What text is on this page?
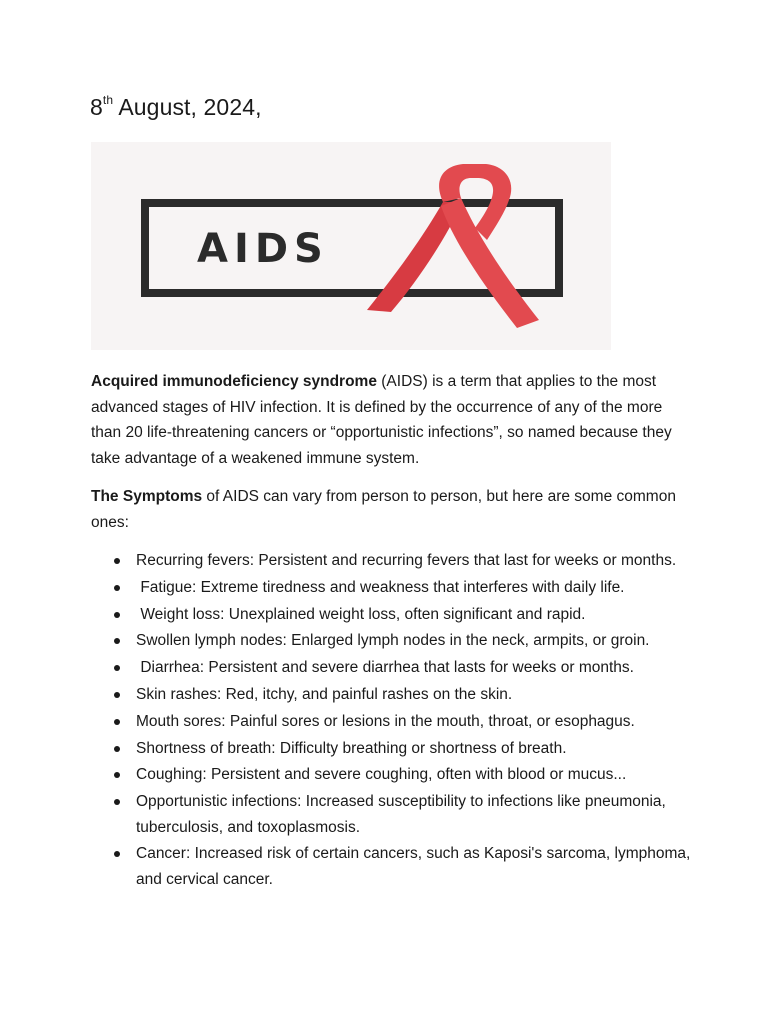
8th August, 2024,
AIDS

Acquired immunodeficiency syndrome (AIDS) is a term that applies to the most advanced stages of HIV infection. It is defined by the occurrence of any of the more than 20 life-threatening cancers or “opportunistic infections”, so named because they take advantage of a weakened immune system.

The Symptoms of AIDS can vary from person to person, but here are some common ones:

Recurring fevers: Persistent and recurring fevers that last for weeks or months.
Fatigue: Extreme tiredness and weakness that interferes with daily life.
Weight loss: Unexplained weight loss, often significant and rapid.
Swollen lymph nodes: Enlarged lymph nodes in the neck, armpits, or groin.
Diarrhea: Persistent and severe diarrhea that lasts for weeks or months.
Skin rashes: Red, itchy, and painful rashes on the skin.
Mouth sores: Painful sores or lesions in the mouth, throat, or esophagus.
Shortness of breath: Difficulty breathing or shortness of breath.
Coughing: Persistent and severe coughing, often with blood or mucus...
Opportunistic infections: Increased susceptibility to infections like pneumonia, tuberculosis, and toxoplasmosis.
Cancer: Increased risk of certain cancers, such as Kaposi's sarcoma, lymphoma, and cervical cancer.
